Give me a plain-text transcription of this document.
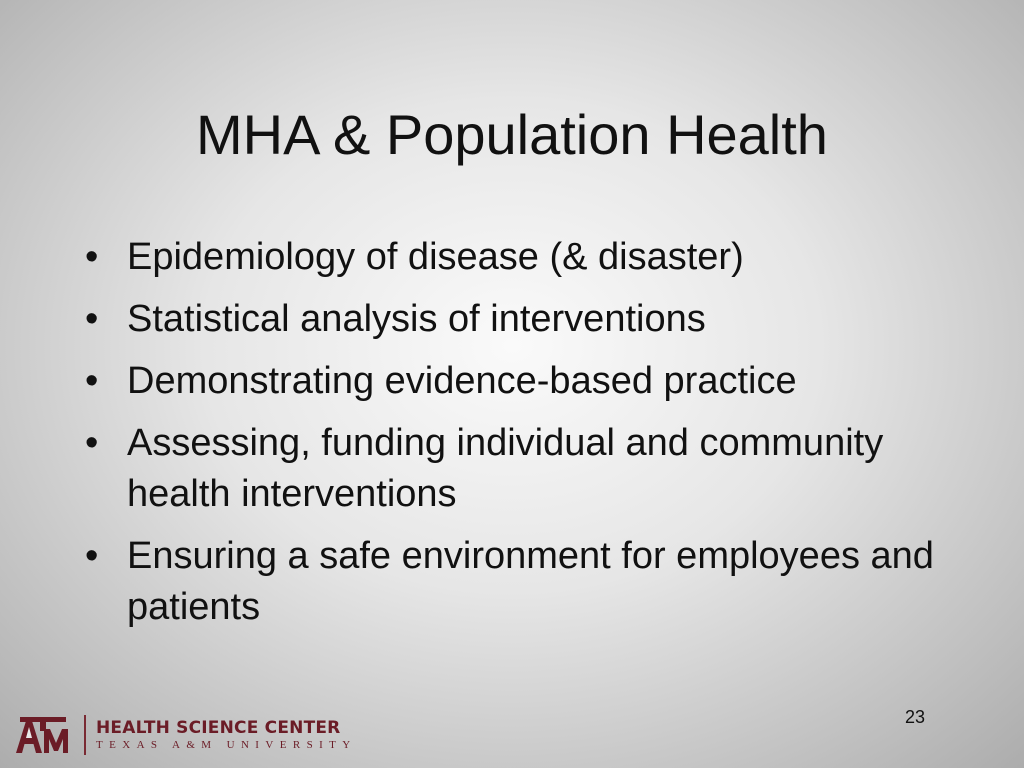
MHA & Population Health
• Epidemiology of disease (& disaster)
• Statistical analysis of interventions
• Demonstrating evidence-based practice
• Assessing, funding individual and community health interventions
• Ensuring a safe environment for employees and patients
23
HEALTH SCIENCE CENTER
TEXAS A&M UNIVERSITY
